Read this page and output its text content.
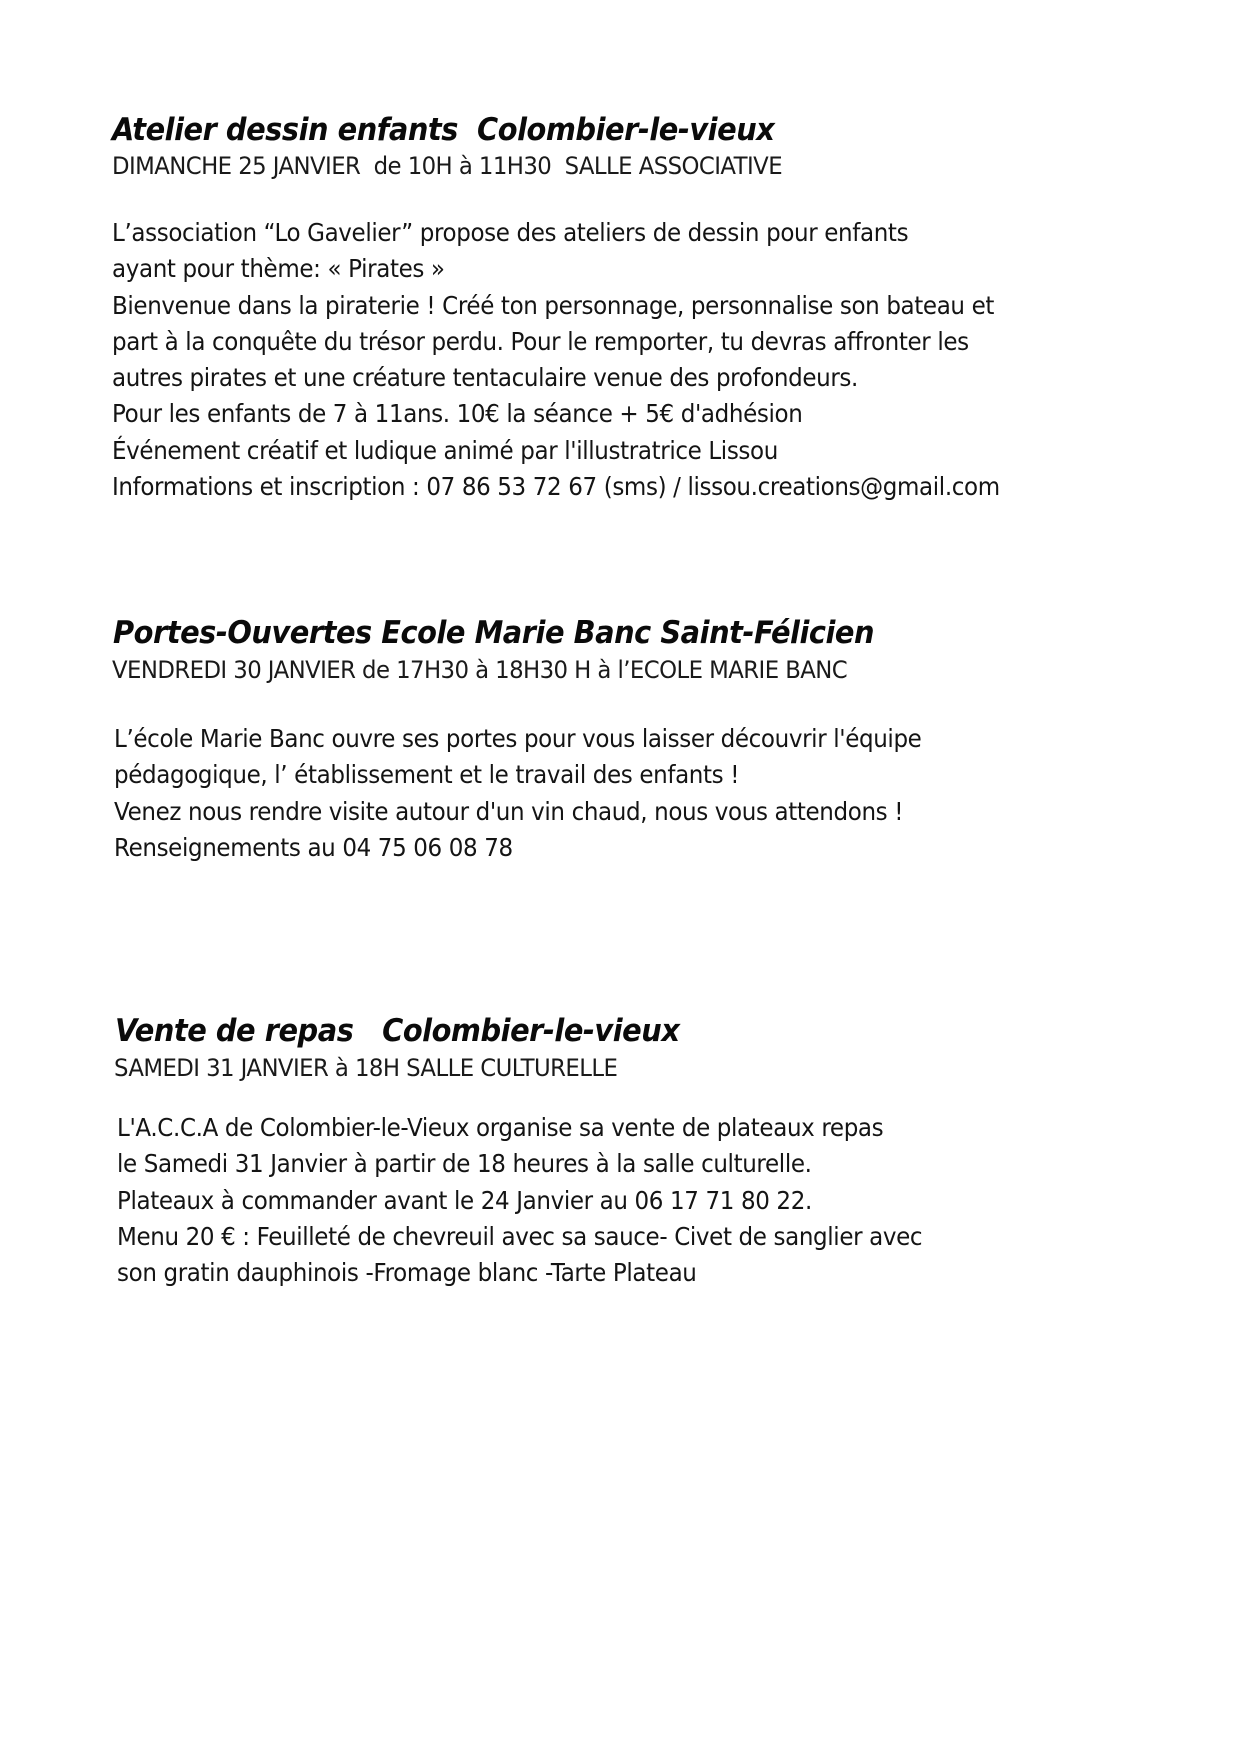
Atelier dessin enfants  Colombier-le-vieux
DIMANCHE 25 JANVIER  de 10H à 11H30  SALLE ASSOCIATIVE
L’association “Lo Gavelier” propose des ateliers de dessin pour enfants
ayant pour thème: « Pirates »
Bienvenue dans la piraterie ! Créé ton personnage, personnalise son bateau et
part à la conquête du trésor perdu. Pour le remporter, tu devras affronter les
autres pirates et une créature tentaculaire venue des profondeurs.
Pour les enfants de 7 à 11ans. 10€ la séance + 5€ d'adhésion
Événement créatif et ludique animé par l'illustratrice Lissou
Informations et inscription : 07 86 53 72 67 (sms) / lissou.creations@gmail.com
Portes-Ouvertes Ecole Marie Banc Saint-Félicien
VENDREDI 30 JANVIER de 17H30 à 18H30 H à l’ECOLE MARIE BANC
L’école Marie Banc ouvre ses portes pour vous laisser découvrir l'équipe
pédagogique, l’ établissement et le travail des enfants !
Venez nous rendre visite autour d'un vin chaud, nous vous attendons !
Renseignements au 04 75 06 08 78
Vente de repas   Colombier-le-vieux
SAMEDI 31 JANVIER à 18H SALLE CULTURELLE
L'A.C.C.A de Colombier-le-Vieux organise sa vente de plateaux repas
le Samedi 31 Janvier à partir de 18 heures à la salle culturelle.
Plateaux à commander avant le 24 Janvier au 06 17 71 80 22.
Menu 20 € : Feuilleté de chevreuil avec sa sauce- Civet de sanglier avec
son gratin dauphinois -Fromage blanc -Tarte Plateau
